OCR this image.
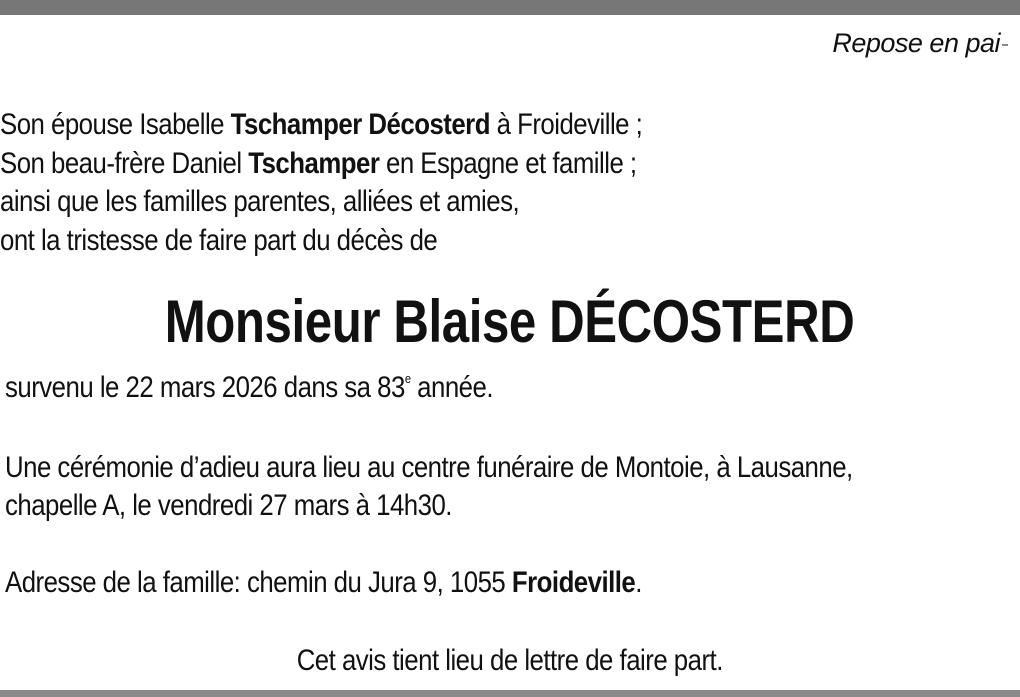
Repose en pai
Son épouse Isabelle Tschamper Décosterd à Froideville ;
Son beau-frère Daniel Tschamper en Espagne et famille ;
ainsi que les familles parentes, alliées et amies,
ont la tristesse de faire part du décès de
Monsieur Blaise DÉCOSTERD
survenu le 22 mars 2026 dans sa 83e année.
Une cérémonie d’adieu aura lieu au centre funéraire de Montoie, à Lausanne,
chapelle A, le vendredi 27 mars à 14h30.
Adresse de la famille: chemin du Jura 9, 1055 Froideville.
Cet avis tient lieu de lettre de faire part.
